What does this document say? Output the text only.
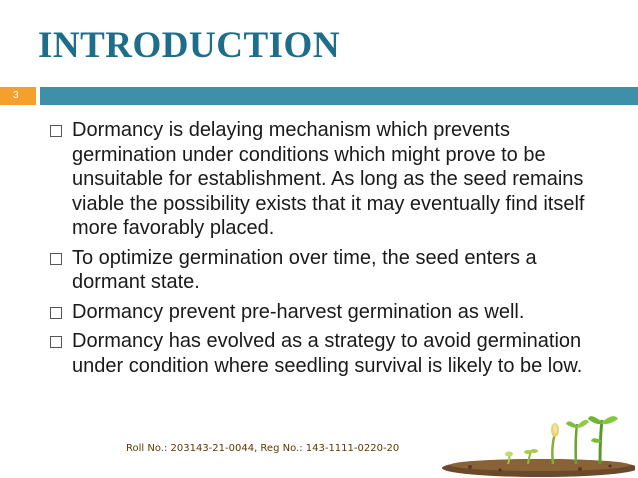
INTRODUCTION
3
Dormancy is delaying mechanism which prevents germination under conditions which might prove to be unsuitable for establishment. As long as the seed remains viable the possibility exists that it may eventually find itself more favorably placed.
To optimize germination over time, the seed enters a dormant state.
Dormancy prevent pre-harvest germination as well.
Dormancy has evolved as a strategy to avoid germination under condition where seedling survival is likely to be low.
Roll No.: 203143-21-0044, Reg No.: 143-1111-0220-20
